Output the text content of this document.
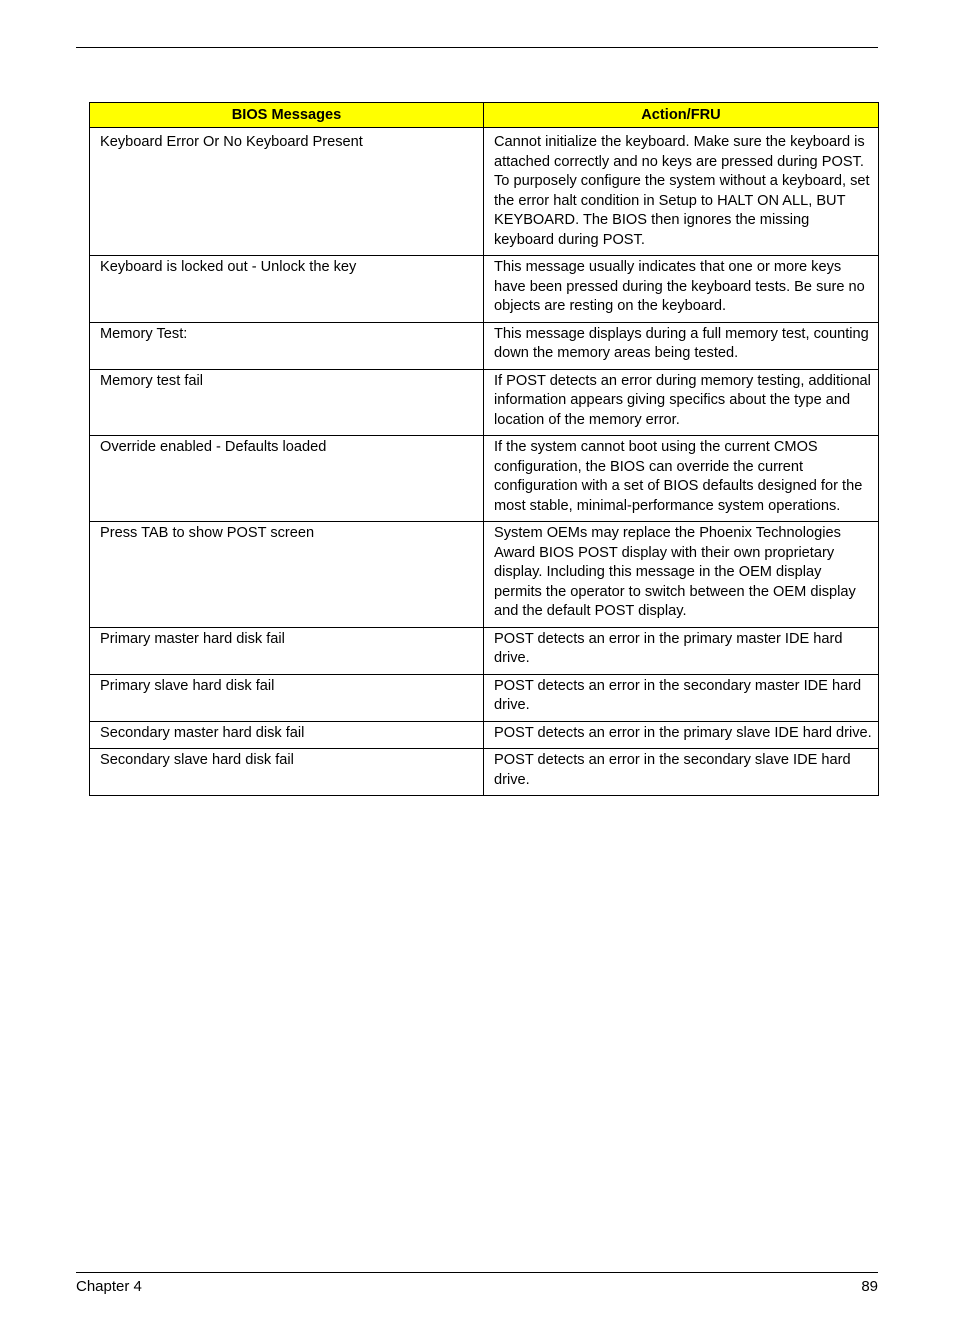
BIOS Messages	Action/FRU

Keyboard Error Or No Keyboard Present	Cannot initialize the keyboard. Make sure the keyboard is attached correctly and no keys are pressed during POST. To purposely configure the system without a keyboard, set the error halt condition in Setup to HALT ON ALL, BUT KEYBOARD. The BIOS then ignores the missing keyboard during POST.
Keyboard is locked out - Unlock the key	This message usually indicates that one or more keys have been pressed during the keyboard tests. Be sure no objects are resting on the keyboard.
Memory Test:	This message displays during a full memory test, counting down the memory areas being tested.
Memory test fail	If POST detects an error during memory testing, additional information appears giving specifics about the type and location of the memory error.
Override enabled - Defaults loaded	If the system cannot boot using the current CMOS configuration, the BIOS can override the current configuration with a set of BIOS defaults designed for the most stable, minimal-performance system operations.
Press TAB to show POST screen	System OEMs may replace the Phoenix Technologies Award BIOS POST display with their own proprietary display. Including this message in the OEM display permits the operator to switch between the OEM display and the default POST display.
Primary master hard disk fail	POST detects an error in the primary master IDE hard drive.
Primary slave hard disk fail	POST detects an error in the secondary master IDE hard drive.
Secondary master hard disk fail	POST detects an error in the primary slave IDE hard drive.
Secondary slave hard disk fail	POST detects an error in the secondary slave IDE hard drive.
Chapter 4	89
